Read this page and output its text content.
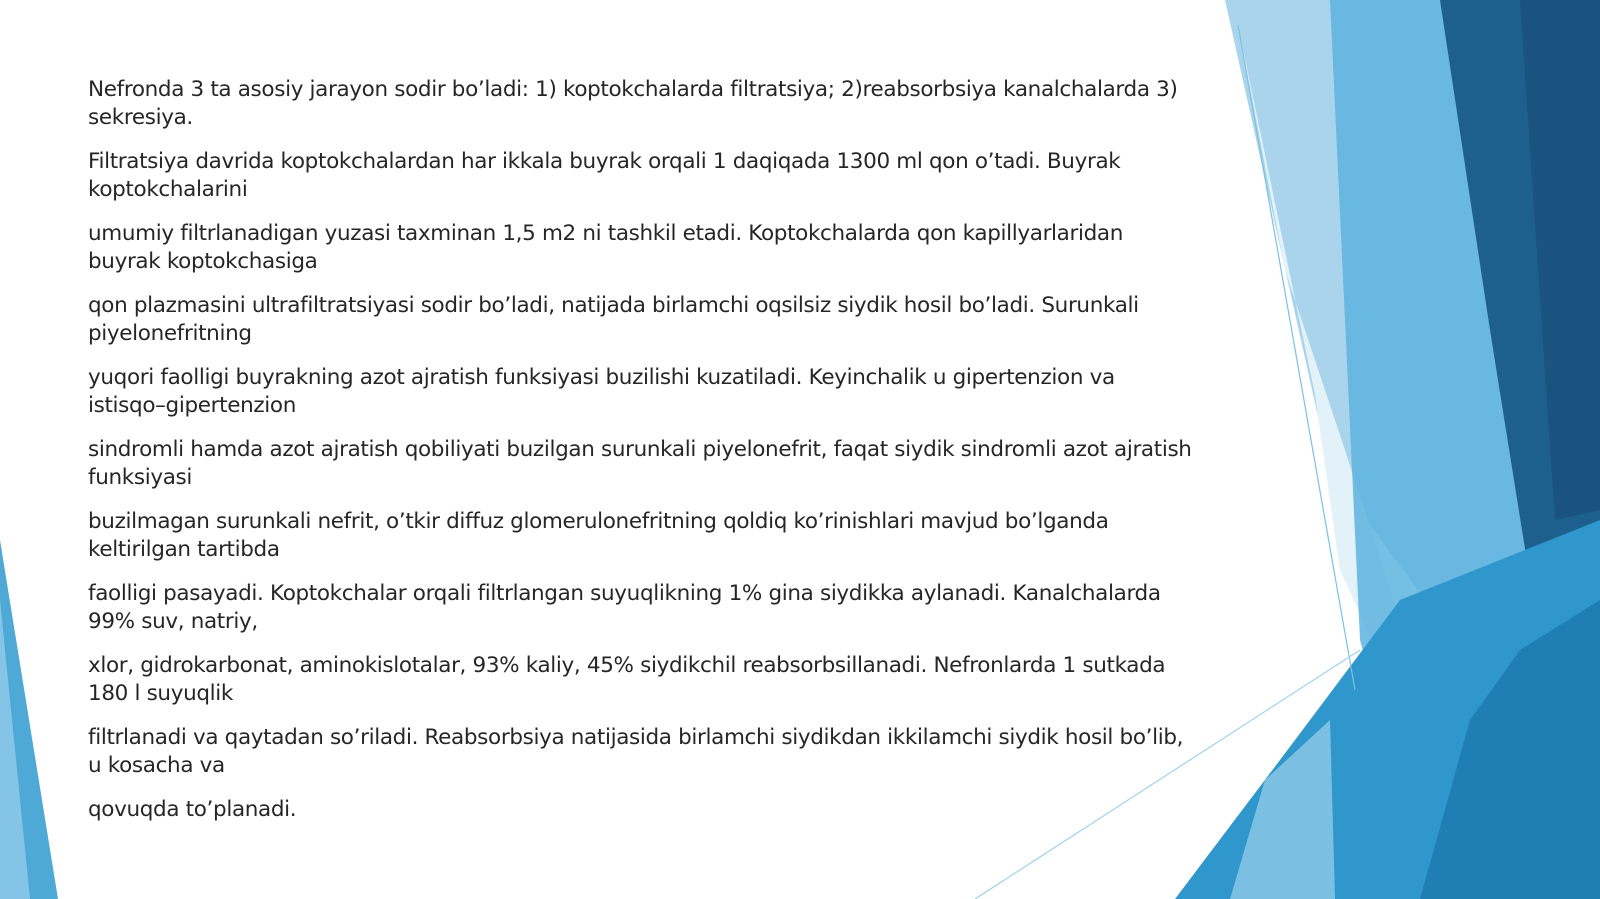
Nefronda 3 ta asosiy jarayon sodir bo’ladi: 1) koptokchalarda filtratsiya; 2)reabsorbsiya kanalchalarda 3) sekresiya.

Filtratsiya davrida koptokchalardan har ikkala buyrak orqali 1 daqiqada 1300 ml qon o’tadi. Buyrak koptokchalarini

umumiy filtrlanadigan yuzasi taxminan 1,5 m2 ni tashkil etadi. Koptokchalarda qon kapillyarlaridan buyrak koptokchasiga

qon plazmasini ultrafiltratsiyasi sodir bo’ladi, natijada birlamchi oqsilsiz siydik hosil bo’ladi. Surunkali piyelonefritning

yuqori faolligi buyrakning azot ajratish funksiyasi buzilishi kuzatiladi. Keyinchalik u gipertenzion va istisqo–gipertenzion

sindromli hamda azot ajratish qobiliyati buzilgan surunkali piyelonefrit, faqat siydik sindromli azot ajratish funksiyasi

buzilmagan surunkali nefrit, o’tkir diffuz glomerulonefritning qoldiq ko’rinishlari mavjud bo’lganda keltirilgan tartibda

faolligi pasayadi. Koptokchalar orqali filtrlangan suyuqlikning 1% gina siydikka aylanadi. Kanalchalarda 99% suv, natriy,

xlor, gidrokarbonat, aminokislotalar, 93% kaliy, 45% siydikchil reabsorbsillanadi. Nefronlarda 1 sutkada 180 l suyuqlik

filtrlanadi va qaytadan so’riladi. Reabsorbsiya natijasida birlamchi siydikdan ikkilamchi siydik hosil bo’lib, u kosacha va

qovuqda to’planadi.
